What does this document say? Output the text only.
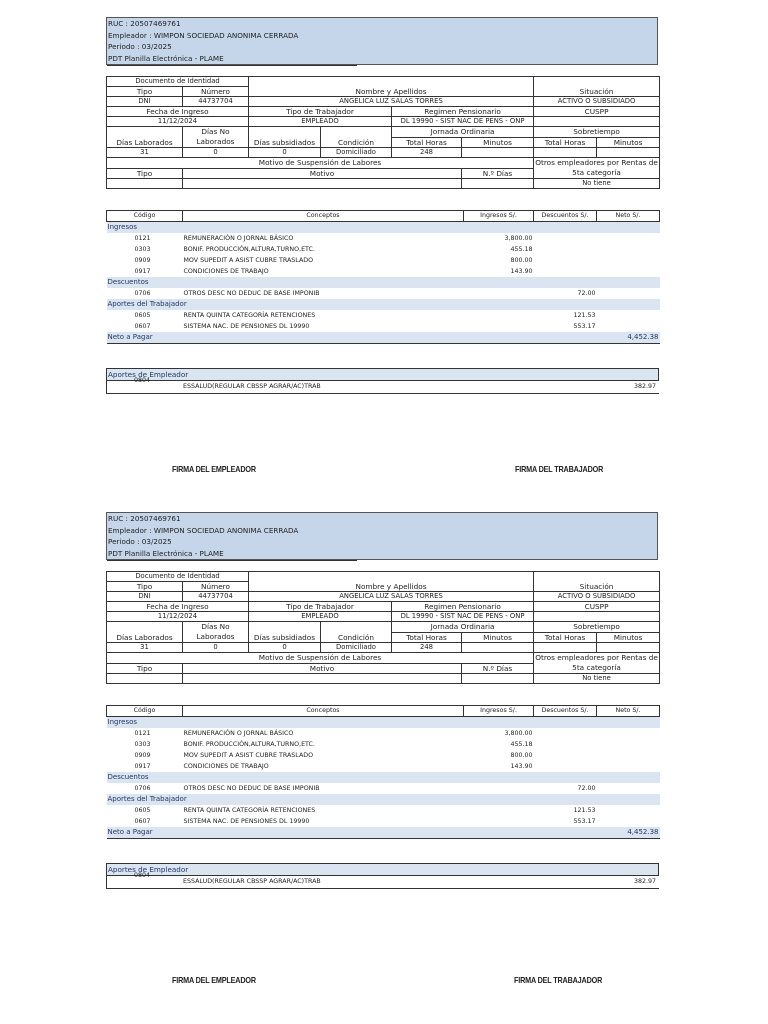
RUC : 20507469761
Empleador : WIMPON SOCIEDAD ANONIMA CERRADA
Periodo : 03/2025
PDT Planilla Electrónica - PLAME
Documento de Identidad		Nombre y Apellidos				Situación	
Tipo	Número						
DNI	44737704	ANGELICA LUZ SALAS TORRES				ACTIVO O SUBSIDIADO	
Fecha de Ingreso		Tipo de Trabajador		Regimen Pensionario		CUSPP	
11/12/2024		EMPLEADO		DL 19990 - SIST NAC DE PENS - ONP			
Días Laborados	Días No Laborados	Días subsidiados	Condición	Jornada Ordinaria		Sobretiempo	
				Total Horas	Minutos	Total Horas	Minutos
31	0	0	Domiciliado	248			
Motivo de Suspensión de Labores						Otros empleadores por Rentas de 5ta categoría	
Tipo	Motivo				N.º Días		
						No tiene	
Código	Conceptos	Ingresos S/.	Descuentos S/.	Neto S/.
Ingresos				
0121	REMUNERACIÓN O JORNAL BÁSICO	3,800.00		
0303	BONIF. PRODUCCIÓN,ALTURA,TURNO,ETC.	455.18		
0909	MOV SUPEDIT A ASIST CUBRE TRASLADO	800.00		
0917	CONDICIONES DE TRABAJO	143.90		
Descuentos				
0706	OTROS DESC NO DEDUC DE BASE IMPONIB		72.00	
Aportes del Trabajador				
0605	RENTA QUINTA CATEGORÍA RETENCIONES		121.53	
0607	SISTEMA NAC. DE PENSIONES DL 19990		553.17	
Neto a Pagar				4,452.38
Aportes de Empleador
0804
ESSALUD(REGULAR CBSSP AGRAR/AC)TRAB	382.97
FIRMA DEL EMPLEADOR	FIRMA DEL TRABAJADOR
RUC : 20507469761
Empleador : WIMPON SOCIEDAD ANONIMA CERRADA
Periodo : 03/2025
PDT Planilla Electrónica - PLAME
Documento de Identidad		Nombre y Apellidos				Situación	
Tipo	Número						
DNI	44737704	ANGELICA LUZ SALAS TORRES				ACTIVO O SUBSIDIADO	
Fecha de Ingreso		Tipo de Trabajador		Regimen Pensionario		CUSPP	
11/12/2024		EMPLEADO		DL 19990 - SIST NAC DE PENS - ONP			
Días Laborados	Días No Laborados	Días subsidiados	Condición	Jornada Ordinaria		Sobretiempo	
				Total Horas	Minutos	Total Horas	Minutos
31	0	0	Domiciliado	248			
Motivo de Suspensión de Labores						Otros empleadores por Rentas de 5ta categoría	
Tipo	Motivo				N.º Días		
						No tiene	
Código	Conceptos	Ingresos S/.	Descuentos S/.	Neto S/.
Ingresos				
0121	REMUNERACIÓN O JORNAL BÁSICO	3,800.00		
0303	BONIF. PRODUCCIÓN,ALTURA,TURNO,ETC.	455.18		
0909	MOV SUPEDIT A ASIST CUBRE TRASLADO	800.00		
0917	CONDICIONES DE TRABAJO	143.90		
Descuentos				
0706	OTROS DESC NO DEDUC DE BASE IMPONIB		72.00	
Aportes del Trabajador				
0605	RENTA QUINTA CATEGORÍA RETENCIONES		121.53	
0607	SISTEMA NAC. DE PENSIONES DL 19990		553.17	
Neto a Pagar				4,452.38
Aportes de Empleador
0804
ESSALUD(REGULAR CBSSP AGRAR/AC)TRAB	382.97
FIRMA DEL EMPLEADOR	FIRMA DEL TRABAJADOR
